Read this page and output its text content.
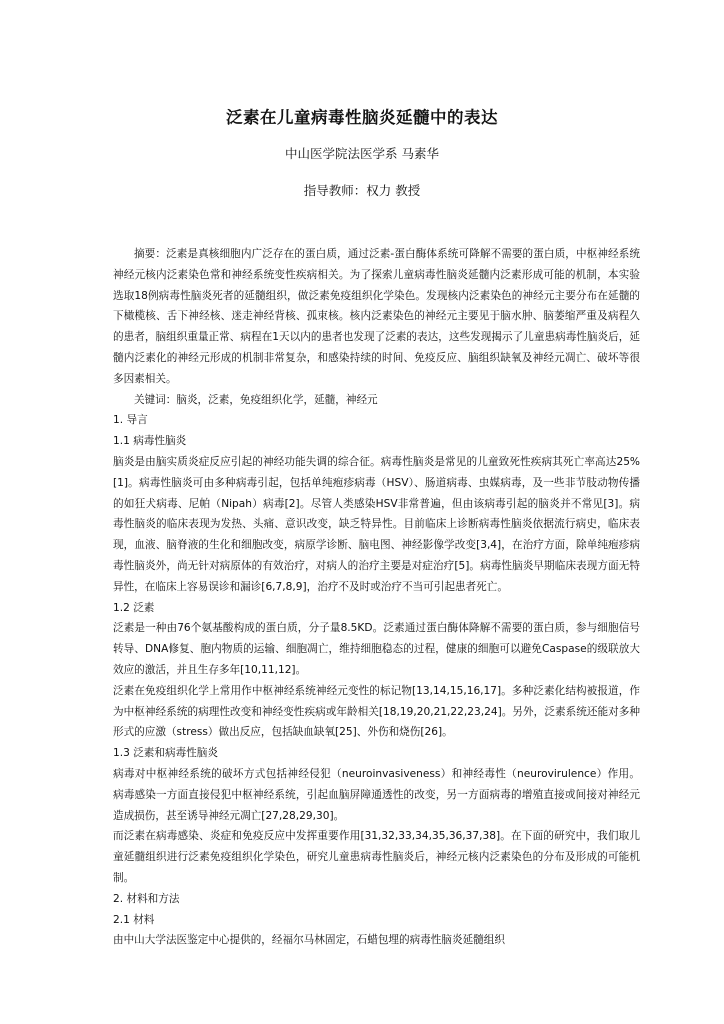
泛素在儿童病毒性脑炎延髓中的表达
中山医学院法医学系 马素华
指导教师：权力 教授

摘要：泛素是真核细胞内广泛存在的蛋白质，通过泛素-蛋白酶体系统可降解不需要的蛋白质，中枢神经系统神经元核内泛素染色常和神经系统变性疾病相关。为了探索儿童病毒性脑炎延髓内泛素形成可能的机制，本实验选取18例病毒性脑炎死者的延髓组织，做泛素免疫组织化学染色。发现核内泛素染色的神经元主要分布在延髓的下橄榄核、舌下神经核、迷走神经背核、孤束核。核内泛素染色的神经元主要见于脑水肿、脑萎缩严重及病程久的患者，脑组织重量正常、病程在1天以内的患者也发现了泛素的表达，这些发现揭示了儿童患病毒性脑炎后，延髓内泛素化的神经元形成的机制非常复杂，和感染持续的时间、免疫反应、脑组织缺氧及神经元凋亡、破坏等很多因素相关。

关键词：脑炎，泛素，免疫组织化学，延髓，神经元

1. 导言

1.1 病毒性脑炎

脑炎是由脑实质炎症反应引起的神经功能失调的综合征。病毒性脑炎是常见的儿童致死性疾病其死亡率高达25%[1]。病毒性脑炎可由多种病毒引起，包括单纯疱疹病毒（HSV）、肠道病毒、虫媒病毒，及一些非节肢动物传播的如狂犬病毒、尼帕（Nipah）病毒[2]。尽管人类感染HSV非常普遍，但由该病毒引起的脑炎并不常见[3]。病毒性脑炎的临床表现为发热、头痛、意识改变，缺乏特异性。目前临床上诊断病毒性脑炎依据流行病史，临床表现，血液、脑脊液的生化和细胞改变，病原学诊断、脑电图、神经影像学改变[3,4]，在治疗方面，除单纯疱疹病毒性脑炎外，尚无针对病原体的有效治疗，对病人的治疗主要是对症治疗[5]。病毒性脑炎早期临床表现方面无特异性，在临床上容易误诊和漏诊[6,7,8,9]，治疗不及时或治疗不当可引起患者死亡。

1.2 泛素

泛素是一种由76个氨基酸构成的蛋白质，分子量8.5KD。泛素通过蛋白酶体降解不需要的蛋白质，参与细胞信号转导、DNA修复、胞内物质的运输、细胞凋亡，维持细胞稳态的过程，健康的细胞可以避免Caspase的级联放大效应的激活，并且生存多年[10,11,12]。

泛素在免疫组织化学上常用作中枢神经系统神经元变性的标记物[13,14,15,16,17]。多种泛素化结构被报道，作为中枢神经系统的病理性改变和神经变性疾病或年龄相关[18,19,20,21,22,23,24]。另外，泛素系统还能对多种形式的应激（stress）做出反应，包括缺血缺氧[25]、外伤和烧伤[26]。

1.3 泛素和病毒性脑炎

病毒对中枢神经系统的破坏方式包括神经侵犯（neuroinvasiveness）和神经毒性（neurovirulence）作用。病毒感染一方面直接侵犯中枢神经系统，引起血脑屏障通透性的改变，另一方面病毒的增殖直接或间接对神经元造成损伤，甚至诱导神经元凋亡[27,28,29,30]。

而泛素在病毒感染、炎症和免疫反应中发挥重要作用[31,32,33,34,35,36,37,38]。在下面的研究中，我们取儿童延髓组织进行泛素免疫组织化学染色，研究儿童患病毒性脑炎后，神经元核内泛素染色的分布及形成的可能机制。

2. 材料和方法

2.1 材料

由中山大学法医鉴定中心提供的，经福尔马林固定，石蜡包埋的病毒性脑炎延髓组织
